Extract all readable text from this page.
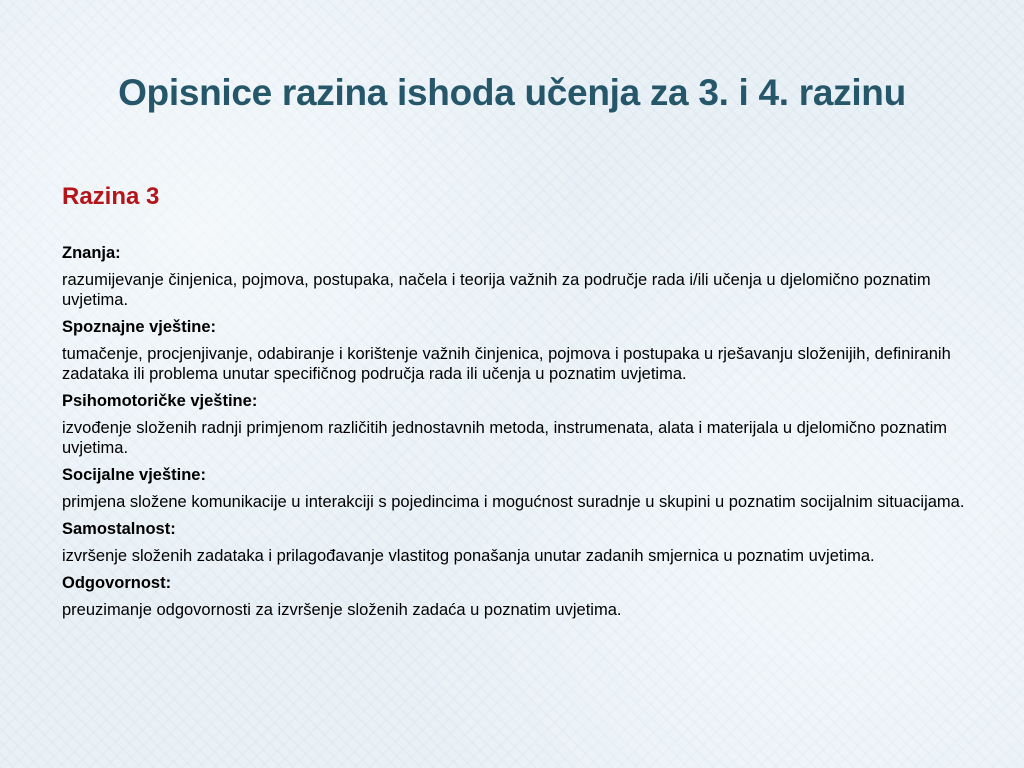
Opisnice razina ishoda učenja za 3. i 4. razinu
Razina 3

Znanja:

razumijevanje činjenica, pojmova, postupaka, načela i teorija važnih za područje rada i/ili učenja u djelomično poznatim uvjetima.

Spoznajne vještine:

tumačenje, procjenjivanje, odabiranje i korištenje važnih činjenica, pojmova i postupaka u rješavanju složenijih, definiranih zadataka ili problema unutar specifičnog područja rada ili učenja u poznatim uvjetima.

Psihomotoričke vještine:

izvođenje složenih radnji primjenom različitih jednostavnih metoda, instrumenata, alata i materijala u djelomično poznatim uvjetima.

Socijalne vještine:

primjena složene komunikacije u interakciji s pojedincima i mogućnost suradnje u skupini u poznatim socijalnim situacijama.

Samostalnost:

izvršenje složenih zadataka i prilagođavanje vlastitog ponašanja unutar zadanih smjernica u poznatim uvjetima.

Odgovornost:

preuzimanje odgovornosti za izvršenje složenih zadaća u poznatim uvjetima.
